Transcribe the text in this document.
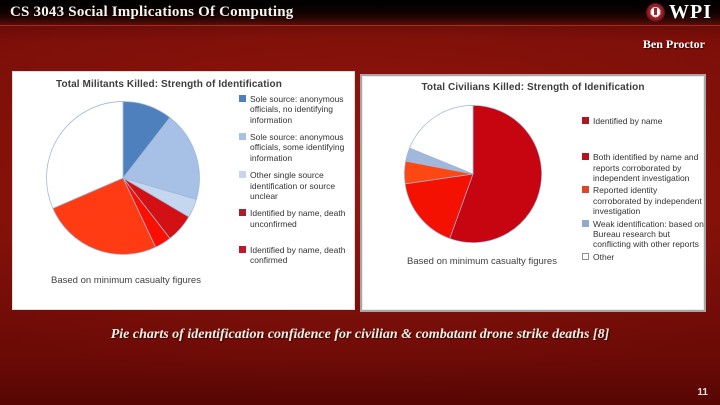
CS 3043 Social Implications Of Computing	WPI
Ben Proctor
Total Militants Killed: Strength of Identification
Sole source: anonymous officials, no identifying information
Sole source: anonymous officials, some identifying information
Other single source identification or source unclear
Identified by name, death unconfirmed
Identified by name, death confirmed
Based on minimum casualty figures
Total Civilians Killed: Strength of Idenification
Identified by name
Both identified by name and reports corroborated by independent investigation
Reported identity corroborated by independent investigation
Weak identification: based on Bureau research but conflicting with other reports
Other
Based on minimum casualty figures
Pie charts of identification confidence for civilian & combatant drone strike deaths [8]
11
